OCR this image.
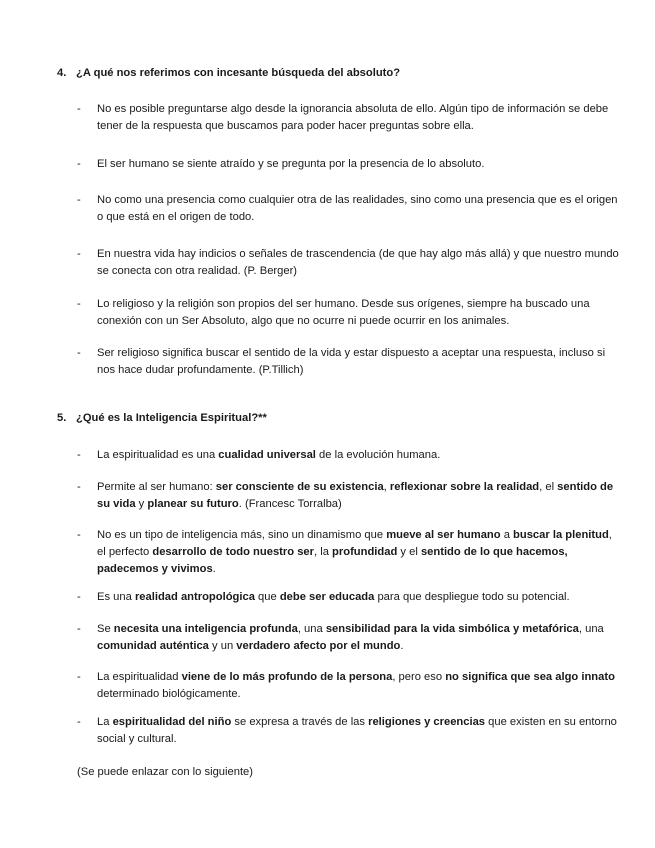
4. ¿A qué nos referimos con incesante búsqueda del absoluto?
- No es posible preguntarse algo desde la ignorancia absoluta de ello. Algún tipo de información se debe tener de la respuesta que buscamos para poder hacer preguntas sobre ella.
- El ser humano se siente atraído y se pregunta por la presencia de lo absoluto.
- No como una presencia como cualquier otra de las realidades, sino como una presencia que es el origen o que está en el origen de todo.
- En nuestra vida hay indicios o señales de trascendencia (de que hay algo más allá) y que nuestro mundo se conecta con otra realidad. (P. Berger)
- Lo religioso y la religión son propios del ser humano. Desde sus orígenes, siempre ha buscado una conexión con un Ser Absoluto, algo que no ocurre ni puede ocurrir en los animales.
- Ser religioso significa buscar el sentido de la vida y estar dispuesto a aceptar una respuesta, incluso si nos hace dudar profundamente. (P.Tillich)
5. ¿Qué es la Inteligencia Espiritual?**
- La espiritualidad es una cualidad universal de la evolución humana.
- Permite al ser humano: ser consciente de su existencia, reflexionar sobre la realidad, el sentido de su vida y planear su futuro. (Francesc Torralba)
- No es un tipo de inteligencia más, sino un dinamismo que mueve al ser humano a buscar la plenitud, el perfecto desarrollo de todo nuestro ser, la profundidad y el sentido de lo que hacemos, padecemos y vivimos.
- Es una realidad antropológica que debe ser educada para que despliegue todo su potencial.
- Se necesita una inteligencia profunda, una sensibilidad para la vida simbólica y metafórica, una comunidad auténtica y un verdadero afecto por el mundo.
- La espiritualidad viene de lo más profundo de la persona, pero eso no significa que sea algo innato determinado biológicamente.
- La espiritualidad del niño se expresa a través de las religiones y creencias que existen en su entorno social y cultural.
(Se puede enlazar con lo siguiente)
